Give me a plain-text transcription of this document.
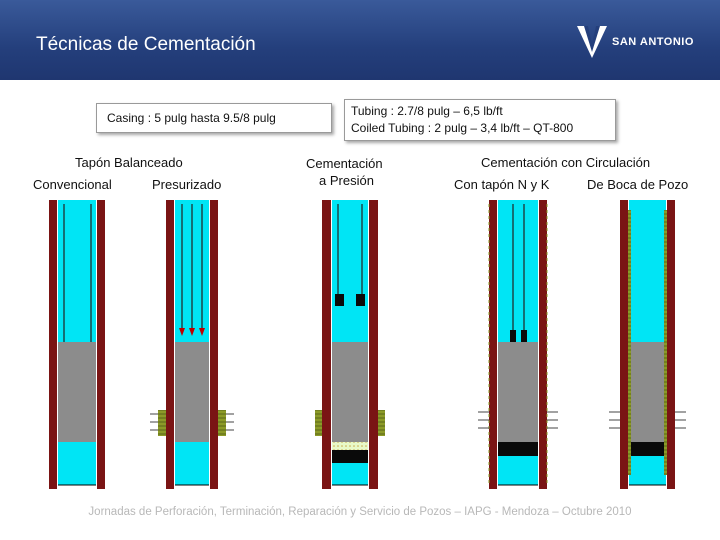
Técnicas de Cementación	SAN ANTONIO
Casing : 5 pulg hasta 9.5/8 pulg	Tubing : 2.7/8 pulg – 6,5 lb/ft
Coiled Tubing : 2 pulg – 3,4 lb/ft – QT-800
Tapón Balanceado
Convencional	Presurizado
Cementación
a Presión
Cementación con Circulación
Con tapón N y K	De Boca de Pozo
Jornadas de Perforación, Terminación, Reparación y Servicio de Pozos – IAPG - Mendoza – Octubre 2010
